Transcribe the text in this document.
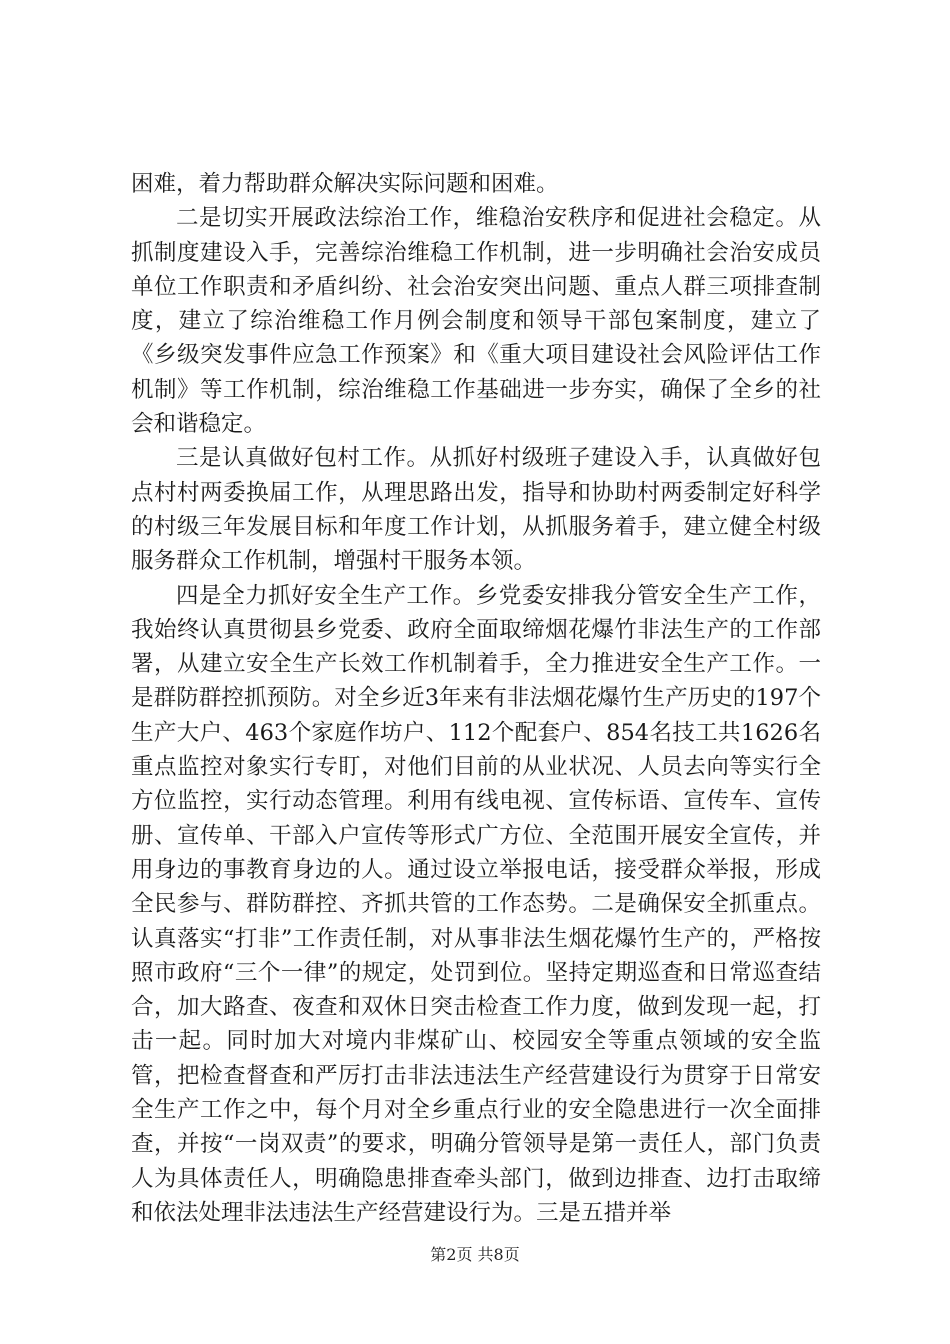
困难，着力帮助群众解决实际问题和困难。

二是切实开展政法综治工作，维稳治安秩序和促进社会稳定。从抓制度建设入手，完善综治维稳工作机制，进一步明确社会治安成员单位工作职责和矛盾纠纷、社会治安突出问题、重点人群三项排查制度，建立了综治维稳工作月例会制度和领导干部包案制度，建立了《乡级突发事件应急工作预案》和《重大项目建设社会风险评估工作机制》等工作机制，综治维稳工作基础进一步夯实，确保了全乡的社会和谐稳定。

三是认真做好包村工作。从抓好村级班子建设入手，认真做好包点村村两委换届工作，从理思路出发，指导和协助村两委制定好科学的村级三年发展目标和年度工作计划，从抓服务着手，建立健全村级服务群众工作机制，增强村干服务本领。

四是全力抓好安全生产工作。乡党委安排我分管安全生产工作，我始终认真贯彻县乡党委、政府全面取缔烟花爆竹非法生产的工作部署，从建立安全生产长效工作机制着手，全力推进安全生产工作。一是群防群控抓预防。对全乡近3年来有非法烟花爆竹生产历史的197个生产大户、463个家庭作坊户、112个配套户、854名技工共1626名重点监控对象实行专盯，对他们目前的从业状况、人员去向等实行全方位监控，实行动态管理。利用有线电视、宣传标语、宣传车、宣传册、宣传单、干部入户宣传等形式广方位、全范围开展安全宣传，并用身边的事教育身边的人。通过设立举报电话，接受群众举报，形成全民参与、群防群控、齐抓共管的工作态势。二是确保安全抓重点。认真落实“打非”工作责任制，对从事非法生烟花爆竹生产的，严格按照市政府“三个一律”的规定，处罚到位。坚持定期巡查和日常巡查结合，加大路查、夜查和双休日突击检查工作力度，做到发现一起，打击一起。同时加大对境内非煤矿山、校园安全等重点领域的安全监管，把检查督查和严厉打击非法违法生产经营建设行为贯穿于日常安全生产工作之中，每个月对全乡重点行业的安全隐患进行一次全面排查，并按“一岗双责”的要求，明确分管领导是第一责任人，部门负责人为具体责任人，明确隐患排查牵头部门，做到边排查、边打击取缔和依法处理非法违法生产经营建设行为。三是五措并举

第2页 共8页
